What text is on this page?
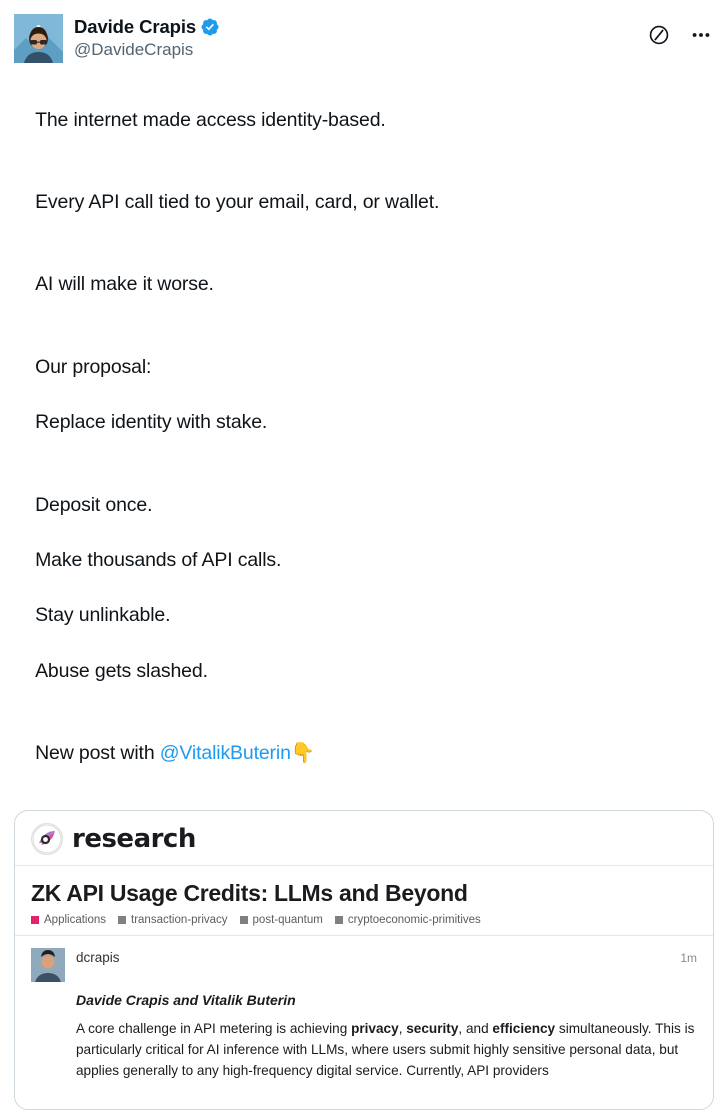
Davide Crapis
@DavideCrapis

The internet made access identity-based.

Every API call tied to your email, card, or wallet.

AI will make it worse.

Our proposal:

Replace identity with stake.

Deposit once.

Make thousands of API calls.

Stay unlinkable.

Abuse gets slashed.

New post with @VitalikButerin👇

research
ZK API Usage Credits: LLMs and Beyond
Applications transaction-privacy post-quantum cryptoeconomic-primitives
dcrapis	1m
Davide Crapis and Vitalik Buterin
A core challenge in API metering is achieving privacy, security, and efficiency simultaneously. This is particularly critical for AI inference with LLMs, where users submit highly sensitive personal data, but applies generally to any high-frequency digital service. Currently, API providers
